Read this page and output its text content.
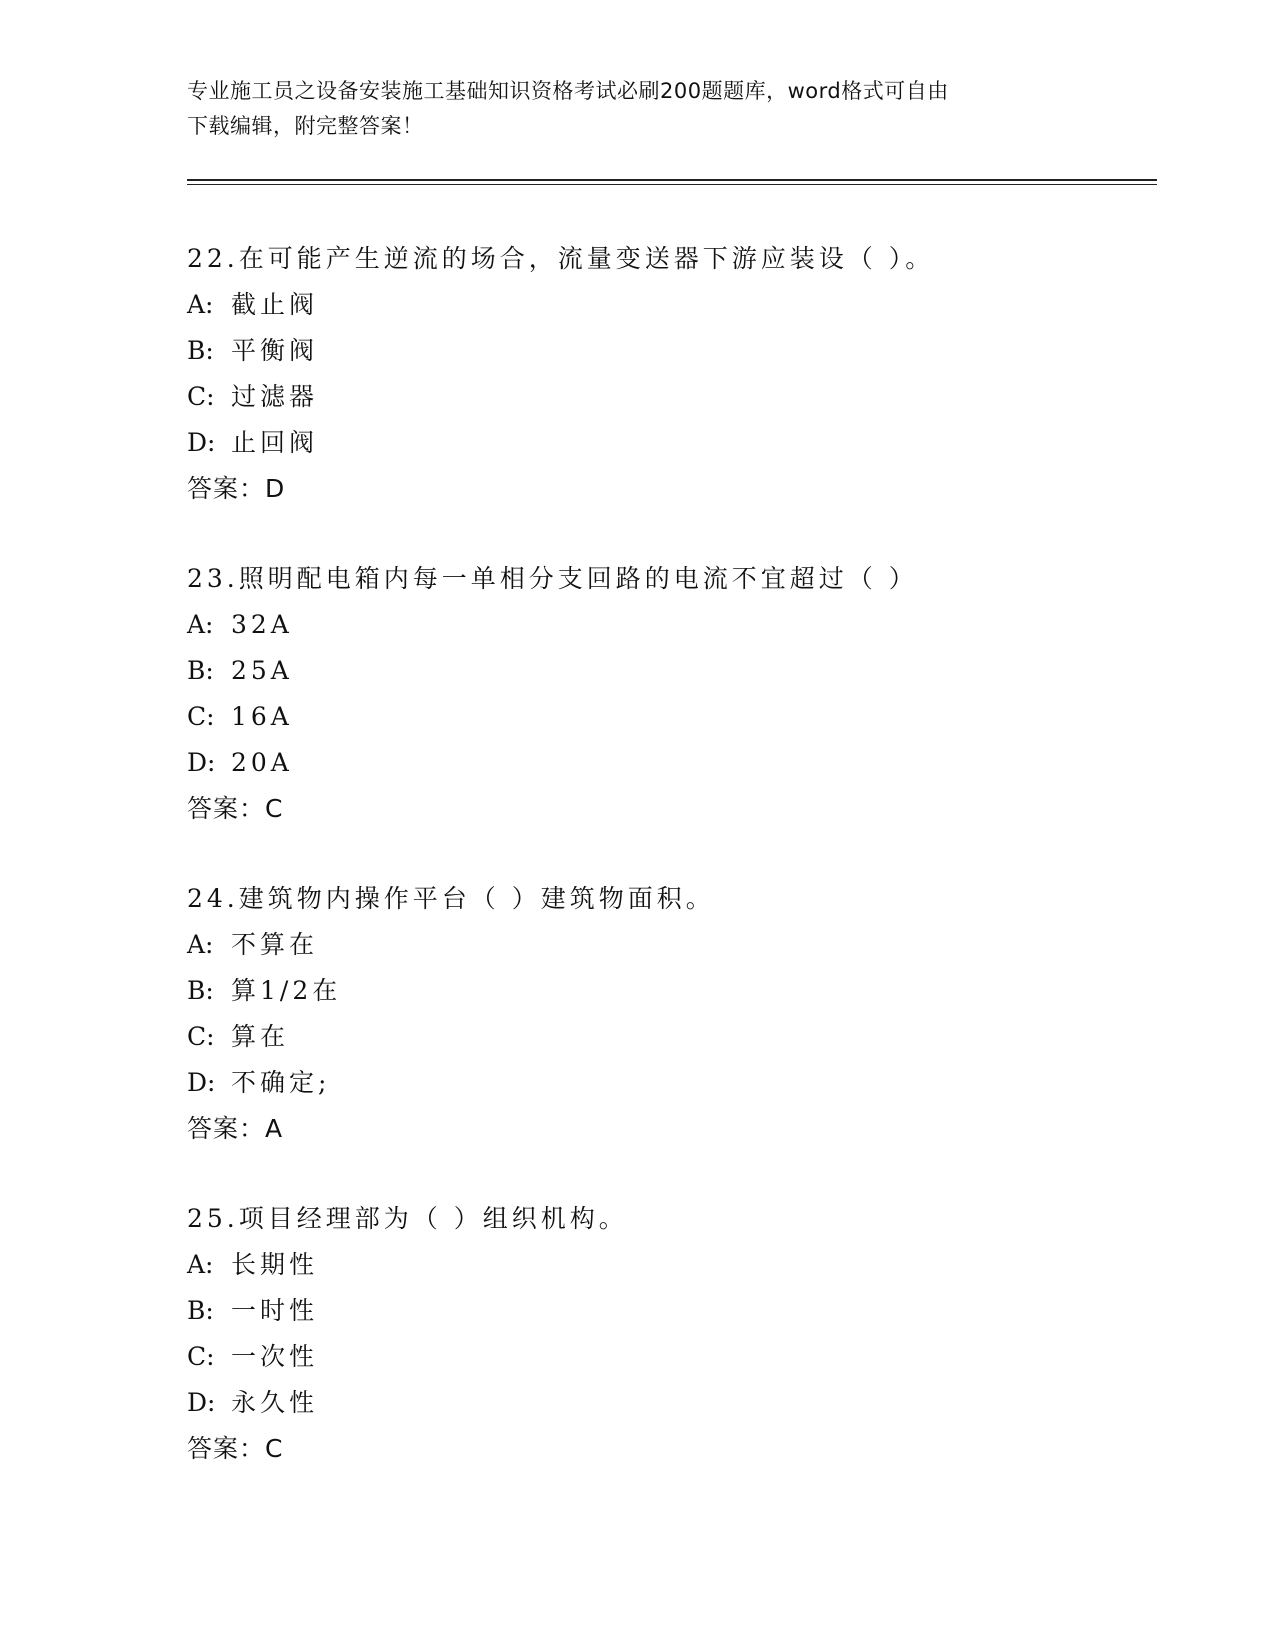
专业施工员之设备安装施工基础知识资格考试必刷200题题库，word格式可自由
下载编辑，附完整答案！
22.在可能产生逆流的场合，流量变送器下游应装设（ ）。
A: 截止阀
B: 平衡阀
C: 过滤器
D: 止回阀
答案：D
23.照明配电箱内每一单相分支回路的电流不宜超过（ ）
A: 32A
B: 25A
C: 16A
D: 20A
答案：C
24.建筑物内操作平台（ ）建筑物面积。
A: 不算在
B: 算1/2在
C: 算在
D: 不确定;
答案：A
25.项目经理部为（ ）组织机构。
A: 长期性
B: 一时性
C: 一次性
D: 永久性
答案：C
